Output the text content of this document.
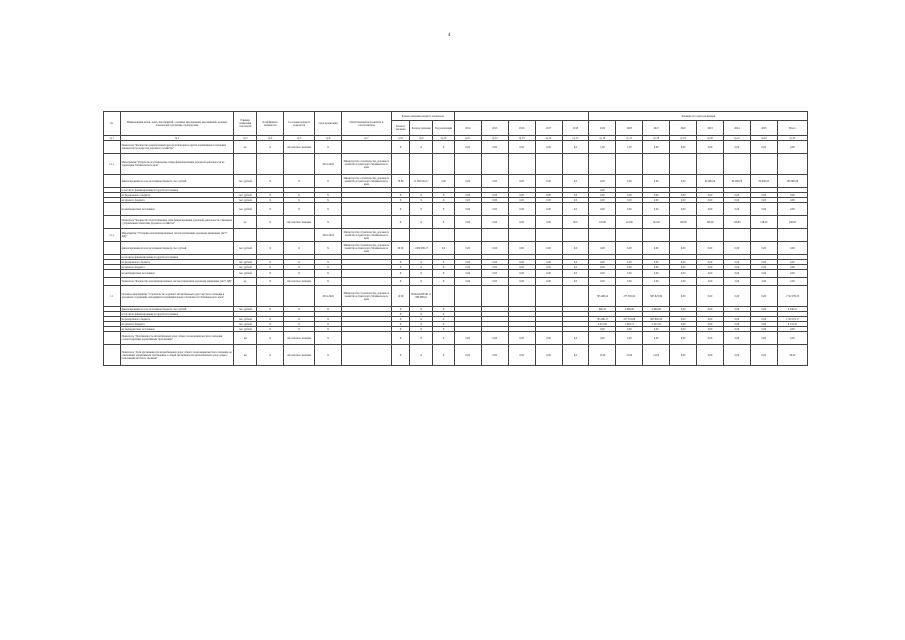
4
№	Наименование целей, задач, мероприятий, основных мероприятий, мероприятий, целевых показателей программы, подпрограмм	Единица измерения показателя	Коэффициент значимости	Состояние целевого показателя	Срок реализации	Ответственный исполнитель и соисполнители	Базовое значение целевого показателя								Значение по годам реализации							
							Базовое значение	Базовое значение	Год реализации	2014	2015	2016	2017	2018	2019	2020	2021	2022	2023	2024	2025	Всего
гр.1	гр.2	гр.3	гр.4	гр.5	гр.6	гр.7	гр.8	гр.9	гр.10	гр.11	гр.12	гр.13	гр.14	гр.15	гр.16	гр.17	гр.18	гр.19	гр.20	гр.21	гр.22	гр.23
	Показатель "Количество разработанных методологических и других нормативных и плановых документов по вопросам дорожного хозяйства"	ед.	X	Абсолютное значение	X		X	X	X	0,00	0,00	0,00	0,00	0,0	1,00	1,00	0,00	0,00	0,00	0,00	0,00	0,00
1.1.1	Мероприятие "Разработка и утверждение схемы финансирования дорожной деятельности на территории Забайкальского края"				2014-2024	Министерство строительства, дорожного хозяйства и транспорта Забайкальского края																
	финансирование из всех источников бюджета, тыс. рублей	тыс. рублей	X	X	X	Министерство строительства, дорожного хозяйства и транспорта Забайкальского края	76 89	11 082 004,17	2,00	0,00	0,00	0,00	0,00	0,0	0,00	0,00	0,00	0,00	80 000,00	80 000,00	80 000,00	280 000,00
	в том числе финансирование из других источников														0,00							
	из федерального бюджета	тыс. рублей	X	X	X		X	X	X	0,00	0,00	0,00	0,00	0,0	0,00	0,00	0,00	0,00	0,00	0,00	0,00	0,00
	из краевого бюджета	тыс. рублей	X	X	X		X	X	X	0,00	0,00	0,00	0,00	0,0	0,00	0,00	0,00	0,00	0,00	0,00	0,00	0,00
	из внебюджетных источников	тыс. рублей	X	X	X		X	X	X	0,00	0,00	0,00	0,00	0,0	0,00	0,00	0,00	0,00	0,00	0,00	0,00	0,00
	Показатель "Количество подготовленных схем финансирования дорожной деятельности, связанных с управлением объектами дорожного хозяйства"	ед.	X	Абсолютное значение	X		X	X	X	0,00	0,00	0,00	0,00	00,0	122,00	122,00	122,00	148,00	148,00	148,00	148,00	148,00
1.1.1	Мероприятие "Установка автоматизированных систем управления дорожным движением (АСУ ДД)"				2019-2024	Министерство строительства, дорожного хозяйства и транспорта Забайкальского края																
	финансирование из всех источников бюджета, тыс. рублей	тыс. рублей	X	X	X	Министерство строительства, дорожного хозяйства и транспорта Забайкальского края	09 09	1 080 289,17	0,0	0,00	0,00	0,00	0,00	0,0	0,00	0,00	0,00	0,00	0,00	0,00	0,00	0,00
	в том числе финансирование из других источников																					
	из федерального бюджета	тыс. рублей	X	X	X		X	X	X	0,00	0,00	0,00	0,00	0,0	0,00	0,00	0,00	0,00	0,00	0,00	0,00	0,00
	из краевого бюджета	тыс. рублей	X	X	X		X	X	X	0,00	0,00	0,00	0,00	0,0	0,00	0,00	0,00	0,00	0,00	0,00	0,00	0,00
	из внебюджетных источников	тыс. рублей	X	X	X		X	X	X	0,00	0,00	0,00	0,00	0,0	0,00	0,00	0,00	0,00	0,00	0,00	0,00	0,00
	Показатель "Количество автоматизированных систем управления дорожным движением (АСУ ДД)"	ед.	X	Абсолютное значение	X		X	X	X	0,00	0,00	0,00	0,00	0,0	0,00	0,00	2,00	2,00	2,00	2,00	2,00	2,00
1.1	Основное мероприятие "Строительство и ремонт автомобильных дорог местного значения и дорожных сооружений, находящихся в муниципальной собственности Забайкальского края"				2014-2024	Министерство строительства, дорожного хозяйства и транспорта Забайкальского края	10 09	ПОКАЗАТЕЛЬ 11 880 889,01							795 486,22	275 365,92	985 823,86	0,00	0,00	0,00	0,00	1 722 979,53
	финансирование из всех источников бюджета, тыс. рублей	тыс. рублей	X	X	X		X	X	X						980,25	2 896,00	2 466,96	0,00	0,00	0,00	0,00	6 340,21
	в том числе финансирование из других источников						X	X	X													
	из федерального бюджета	тыс. рублей	X	X	X		X	X	X						793 090,17	257 874,88	985 800,59	0,00	0,00	0,00	0,00	1 720 974,17
	из краевого бюджета	тыс. рублей	X	X	X		X	X	X						4 415,00	1 494,72	2 221,09	0,00	0,00	0,00	0,00	8 131,52
	из внебюджетных источников	тыс. рублей	X	X	X		X	X	X						0,00	0,00	0,00	0,00	0,00	0,00	0,00	0,00
	Показатель "Протяженность автомобильных дорог общего пользования местного значения, соответствующих нормативным требованиям"	км	X	Абсолютное значение	X		X	X	X	0,00	0,00	0,00	0,00	0,0	0,00	0,00	0,00	0,00	0,00	0,00	0,00	0,00
	Показатель "Доля протяженности автомобильных дорог общего пользования местного значения, не отвечающих нормативным требованиям, в общей протяженности автомобильных дорог общего пользования местного значения"	км	X	Абсолютное значение	X		X	X	X	0,00	0,00	0,00	0,00	0,0	12,00	12,00	12,00	0,00	0,00	0,00	0,00	36,00
